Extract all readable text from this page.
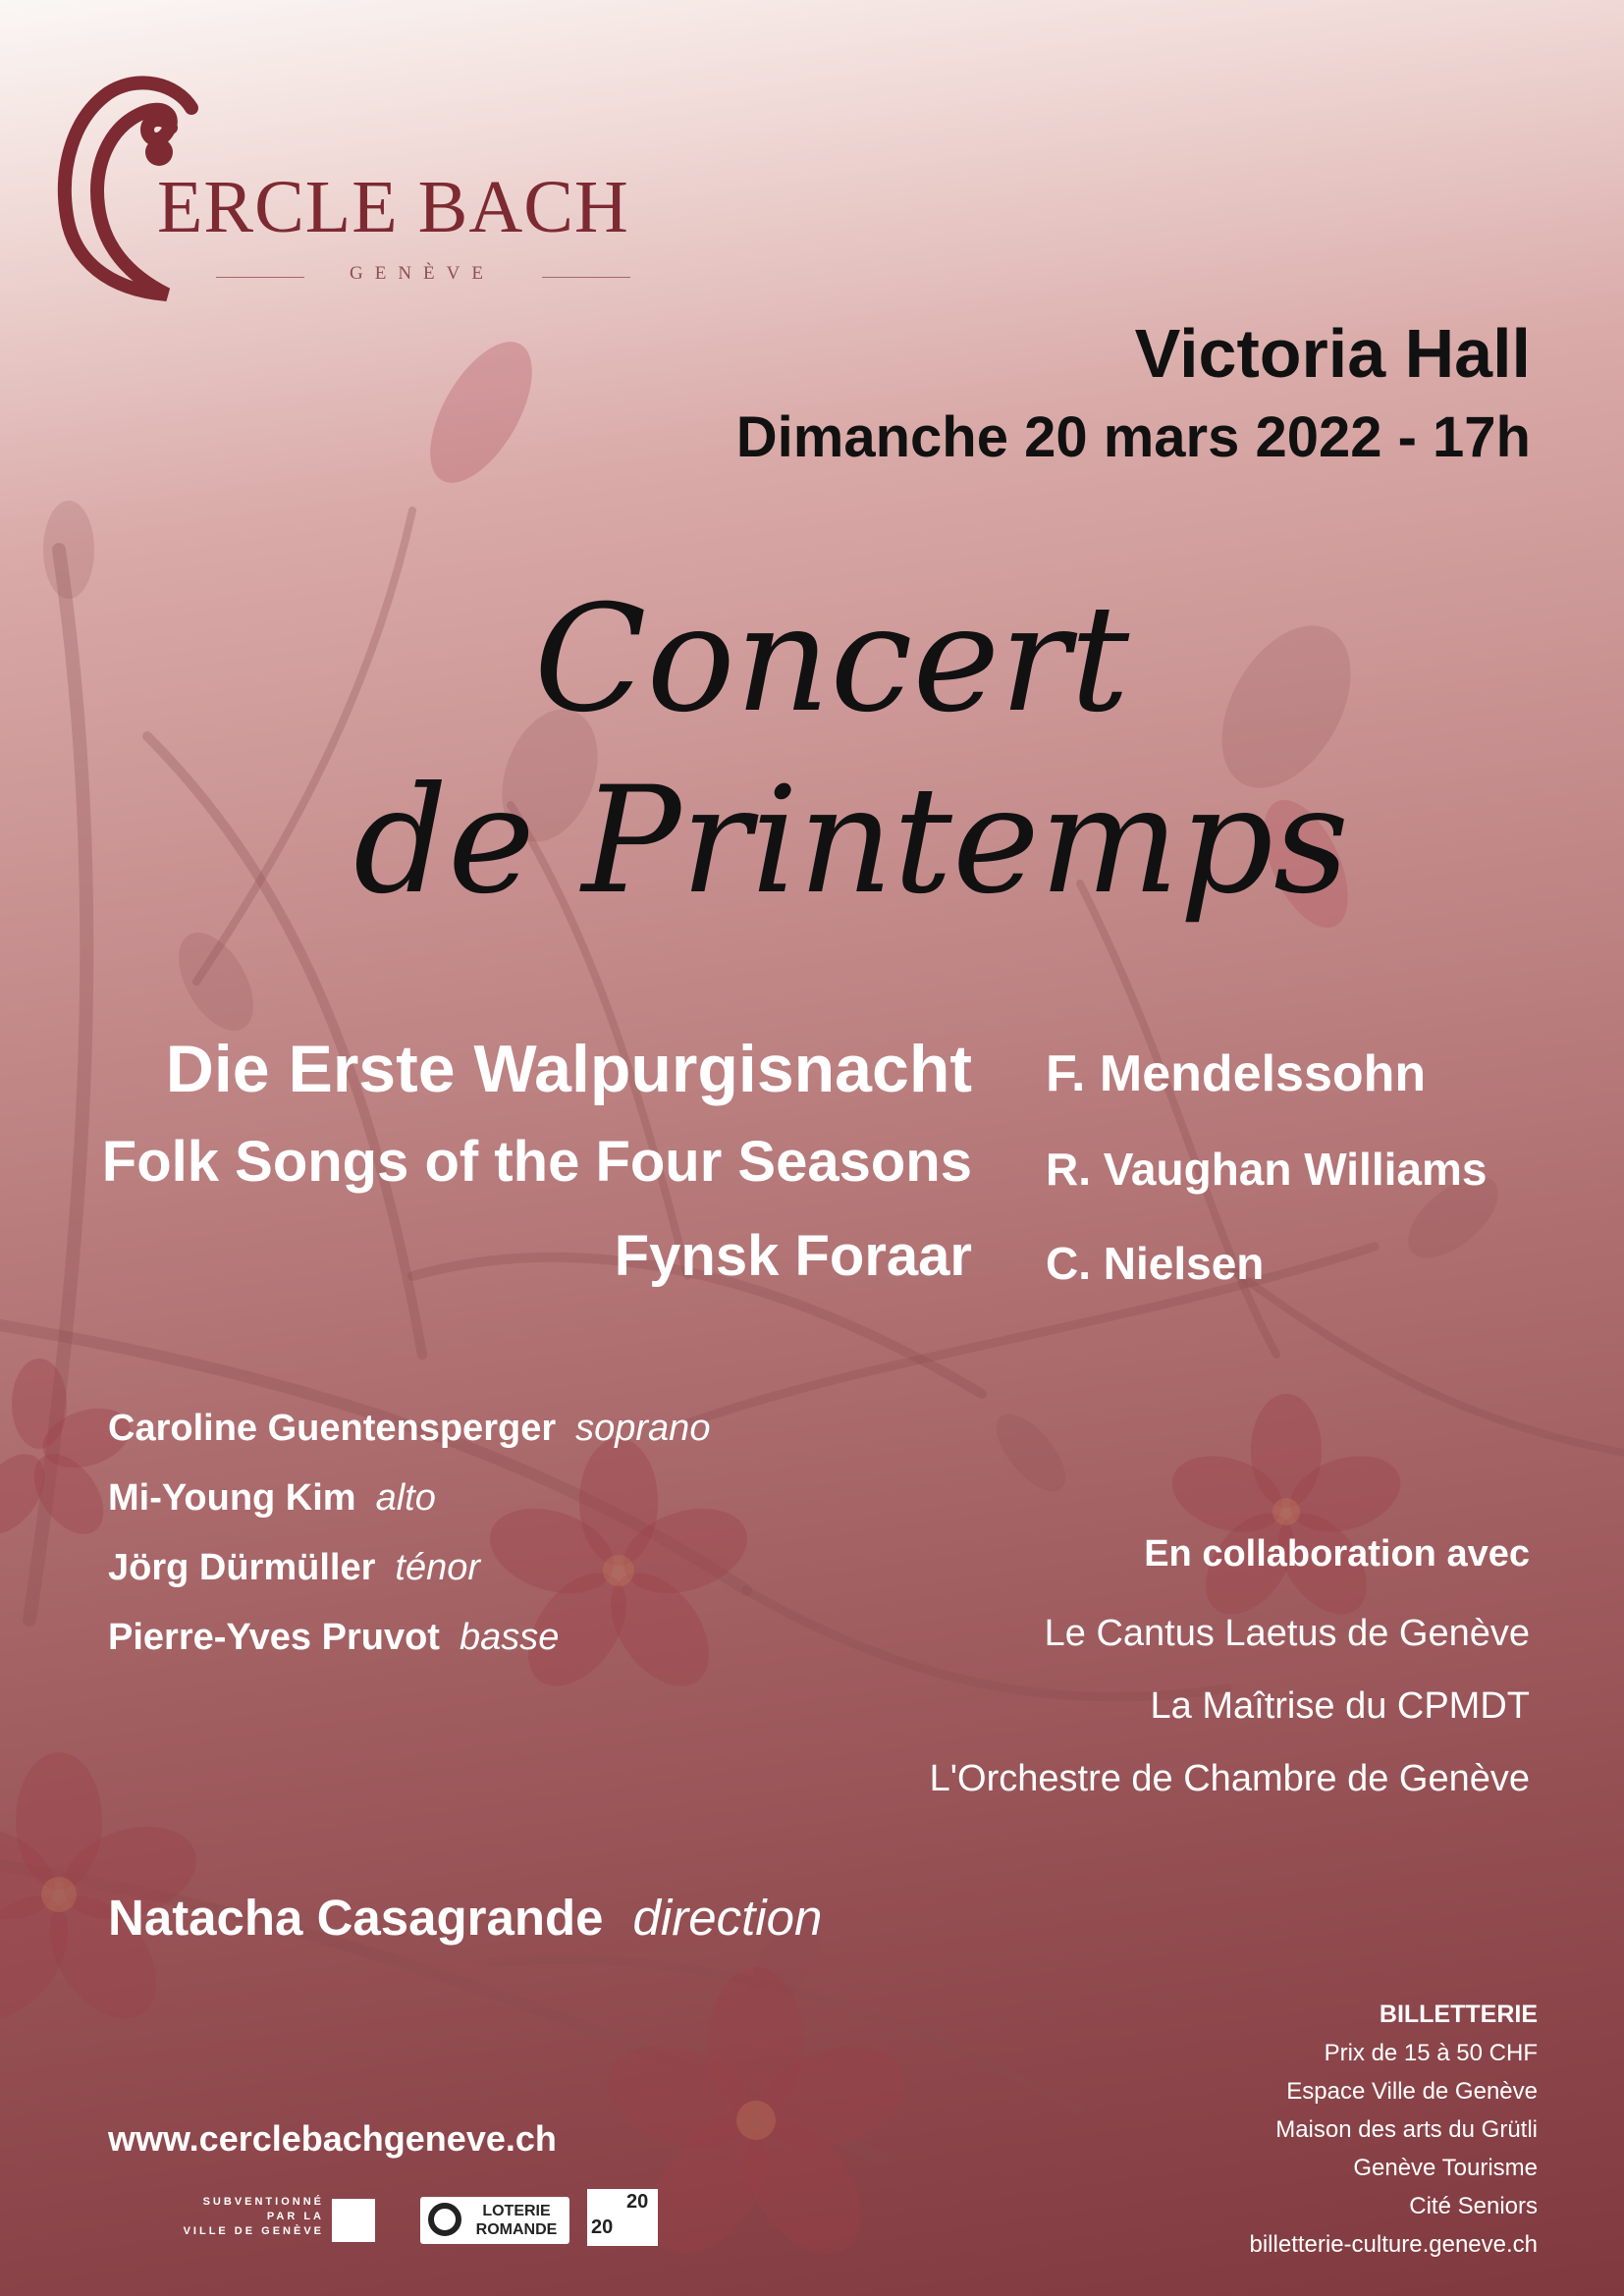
ERCLE BACH
GENÈVE
Victoria Hall
Dimanche 20 mars 2022 - 17h
Concert
de Printemps
Die Erste Walpurgisnacht F. Mendelssohn
Folk Songs of the Four Seasons R. Vaughan Williams
Fynsk Foraar C. Nielsen
Caroline Guentensperger soprano
Mi-Young Kim alto
Jörg Dürmüller ténor
Pierre-Yves Pruvot basse
En collaboration avec
Le Cantus Laetus de Genève
La Maîtrise du CPMDT
L'Orchestre de Chambre de Genève
Natacha Casagrande direction
BILLETTERIE
Prix de 15 à 50 CHF
Espace Ville de Genève
Maison des arts du Grütli
Genève Tourisme
Cité Seniors
billetterie-culture.geneve.ch
www.cerclebachgeneve.ch
SUBVENTIONNÉ
PAR LA
VILLE DE GENÈVE
LOTERIE ROMANDE
20
20
